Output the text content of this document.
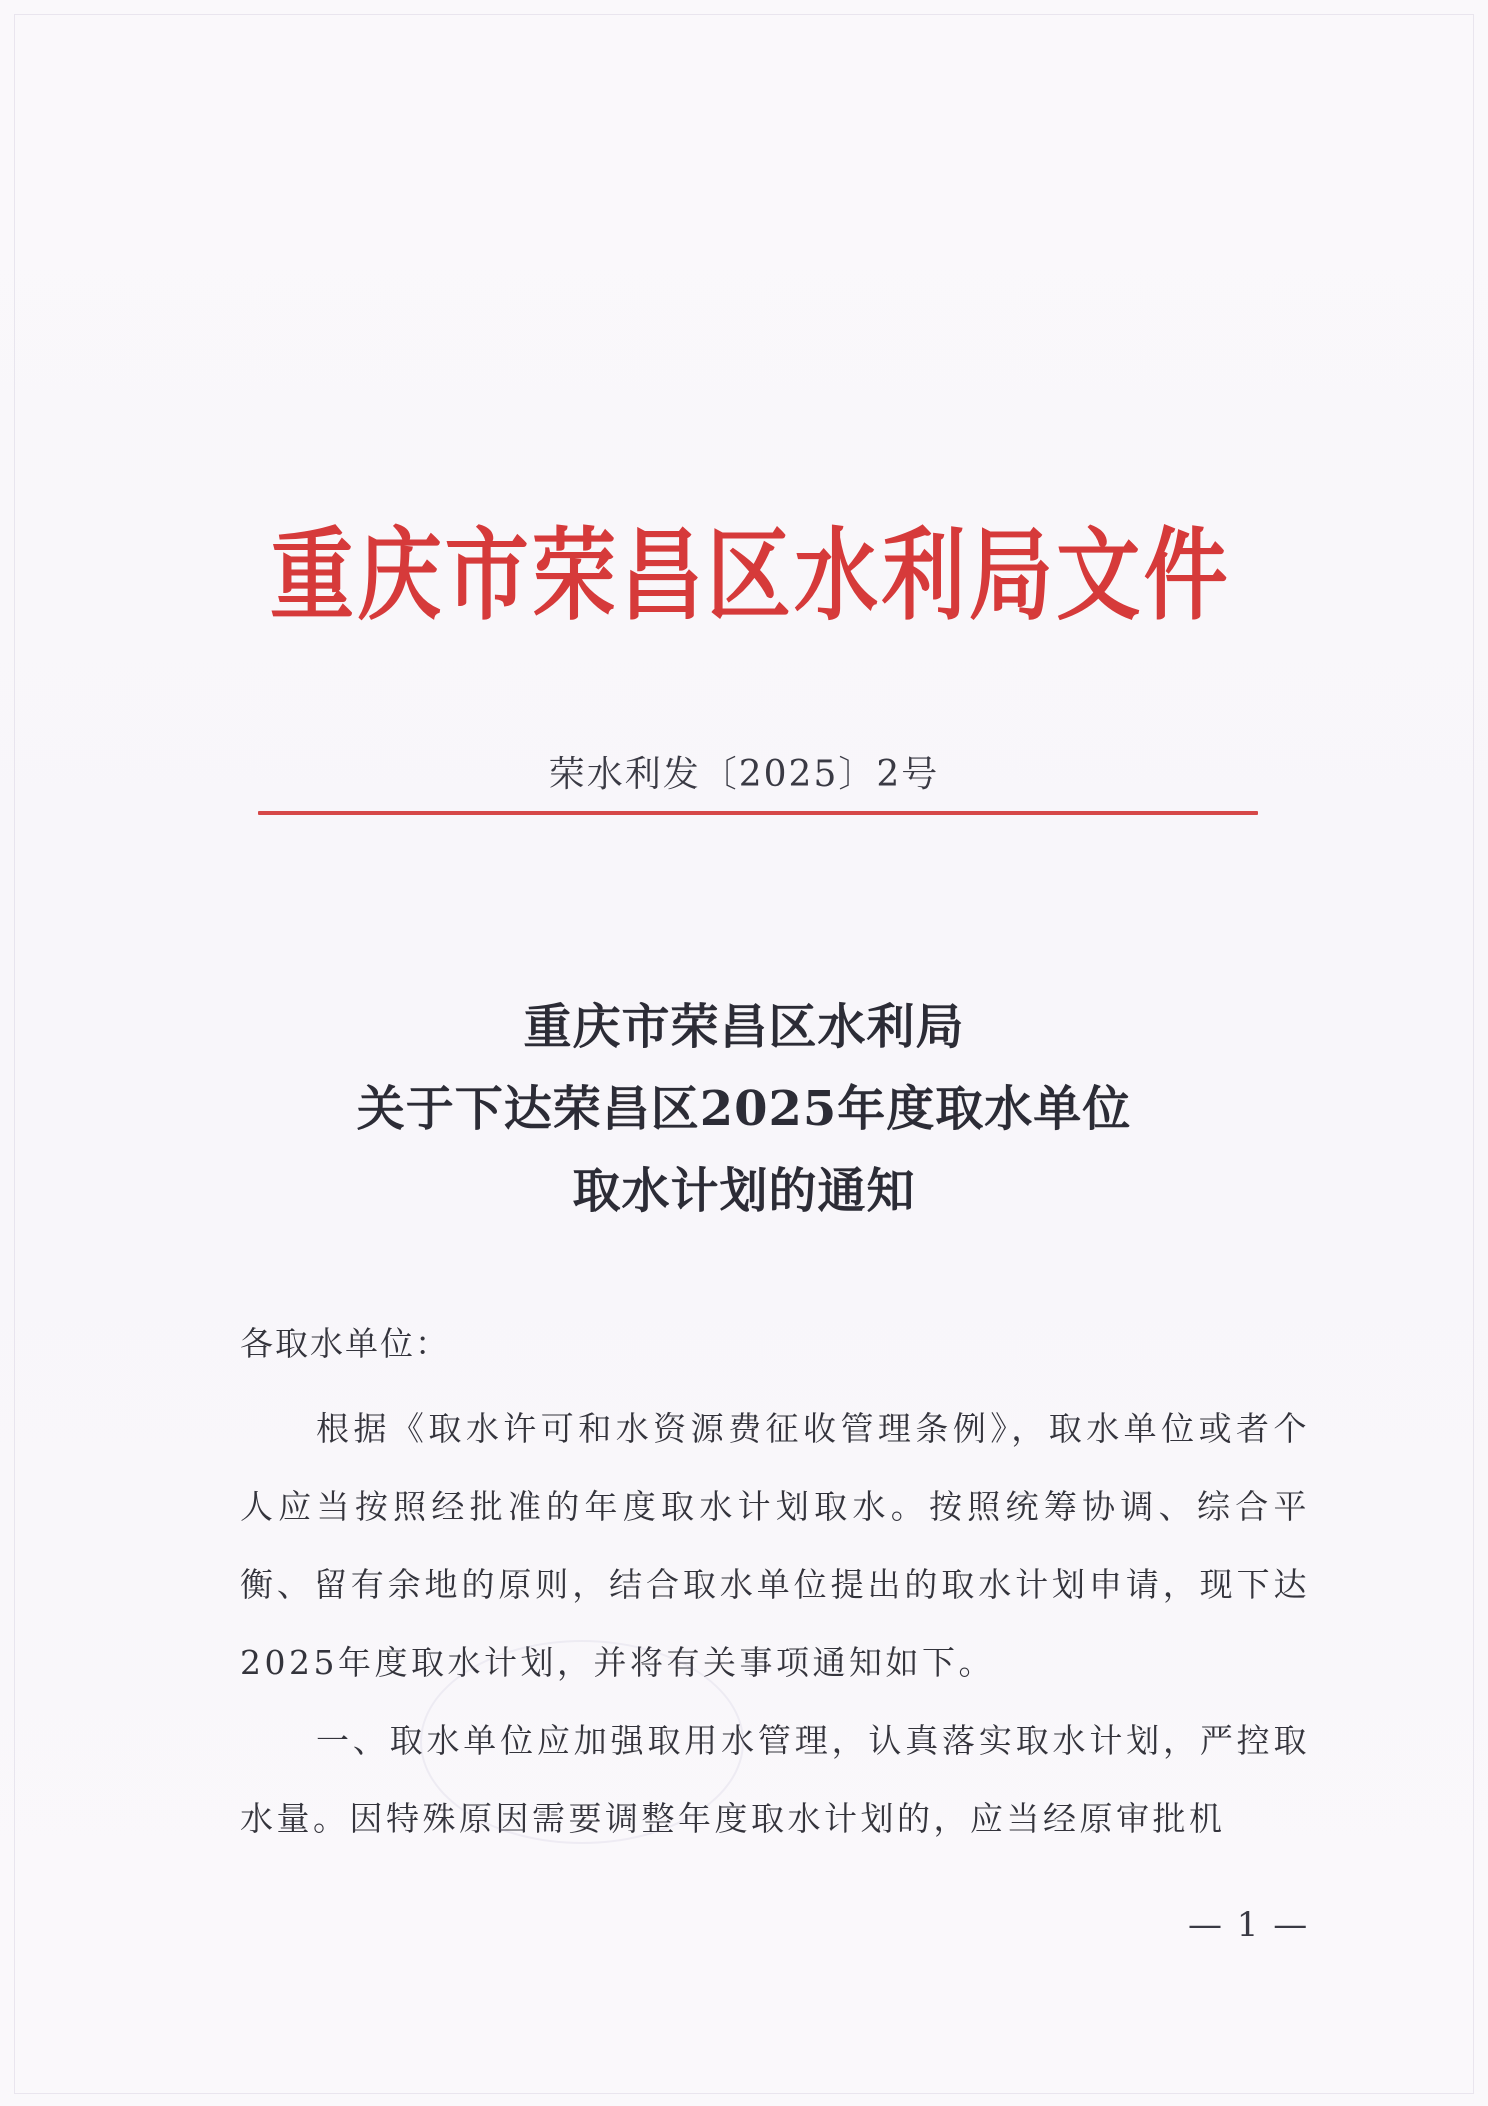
重庆市荣昌区水利局文件
荣水利发〔2025〕2号
重庆市荣昌区水利局
关于下达荣昌区2025年度取水单位
取水计划的通知
各取水单位：

根据《取水许可和水资源费征收管理条例》，取水单位或者个人应当按照经批准的年度取水计划取水。按照统筹协调、综合平衡、留有余地的原则，结合取水单位提出的取水计划申请，现下达2025年度取水计划，并将有关事项通知如下。

一、取水单位应加强取用水管理，认真落实取水计划，严控取水量。因特殊原因需要调整年度取水计划的，应当经原审批机

— 1 —
